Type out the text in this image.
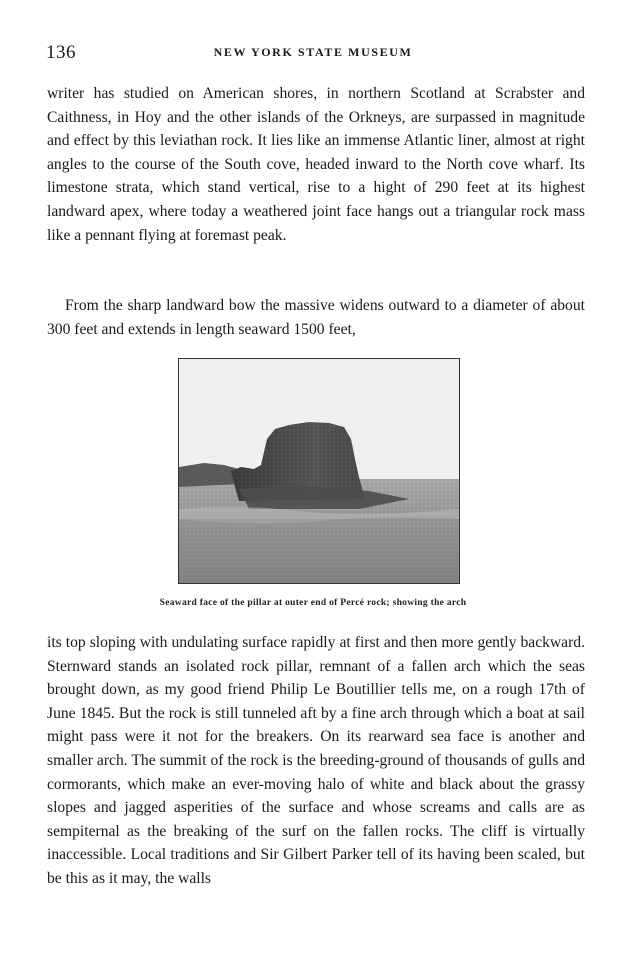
136	NEW YORK STATE MUSEUM

writer has studied on American shores, in northern Scotland at Scrabster and Caithness, in Hoy and the other islands of the Orkneys, are surpassed in magnitude and effect by this leviathan rock. It lies like an immense Atlantic liner, almost at right angles to the course of the South cove, headed inward to the North cove wharf. Its limestone strata, which stand vertical, rise to a hight of 290 feet at its highest landward apex, where today a weathered joint face hangs out a triangular rock mass like a pennant flying at foremast peak.

From the sharp landward bow the massive widens outward to a diameter of about 300 feet and extends in length seaward 1500 feet,

Seaward face of the pillar at outer end of Percé rock; showing the arch

its top sloping with undulating surface rapidly at first and then more gently backward. Sternward stands an isolated rock pillar, remnant of a fallen arch which the seas brought down, as my good friend Philip Le Boutillier tells me, on a rough 17th of June 1845. But the rock is still tunneled aft by a fine arch through which a boat at sail might pass were it not for the breakers. On its rearward sea face is another and smaller arch. The summit of the rock is the breeding-ground of thousands of gulls and cormorants, which make an ever-moving halo of white and black about the grassy slopes and jagged asperities of the surface and whose screams and calls are as sempiternal as the breaking of the surf on the fallen rocks. The cliff is virtually inaccessible. Local traditions and Sir Gilbert Parker tell of its having been scaled, but be this as it may, the walls
